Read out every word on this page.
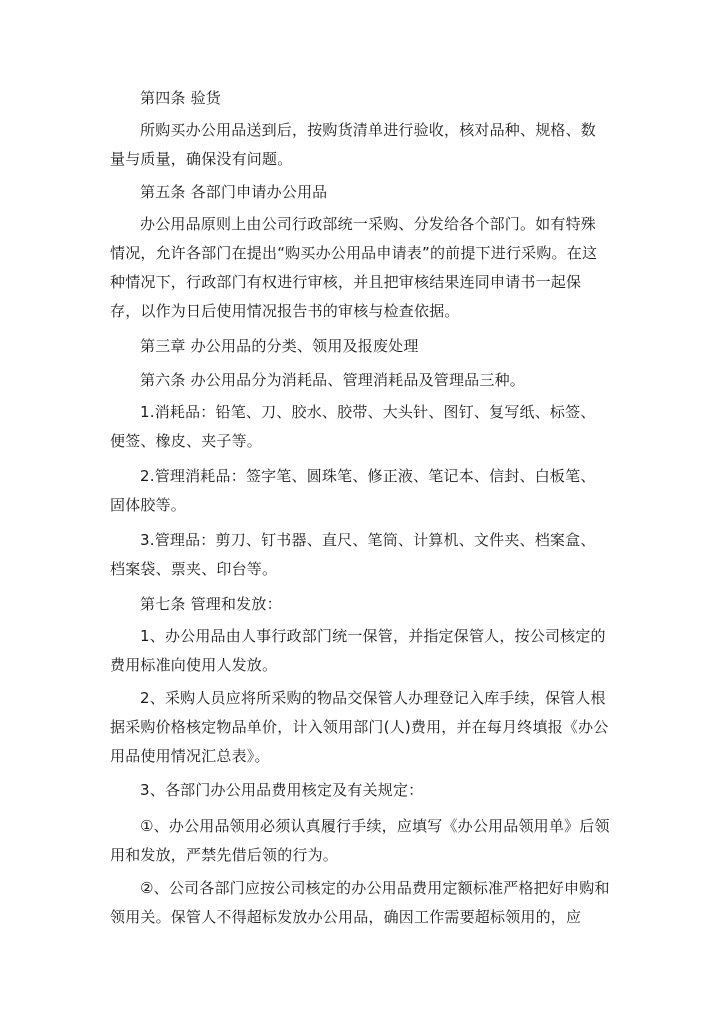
第四条 验货

所购买办公用品送到后，按购货清单进行验收，核对品种、规格、数量与质量，确保没有问题。

第五条 各部门申请办公用品

办公用品原则上由公司行政部统一采购、分发给各个部门。如有特殊情况，允许各部门在提出“购买办公用品申请表”的前提下进行采购。在这种情况下，行政部门有权进行审核，并且把审核结果连同申请书一起保存，以作为日后使用情况报告书的审核与检查依据。

第三章 办公用品的分类、领用及报废处理

第六条 办公用品分为消耗品、管理消耗品及管理品三种。

1.消耗品：铅笔、刀、胶水、胶带、大头针、图钉、复写纸、标签、便签、橡皮、夹子等。

2.管理消耗品：签字笔、圆珠笔、修正液、笔记本、信封、白板笔、固体胶等。

3.管理品：剪刀、钉书器、直尺、笔筒、计算机、文件夹、档案盒、档案袋、票夹、印台等。

第七条 管理和发放：

1、办公用品由人事行政部门统一保管，并指定保管人，按公司核定的费用标准向使用人发放。

2、采购人员应将所采购的物品交保管人办理登记入库手续，保管人根据采购价格核定物品单价，计入领用部门(人)费用，并在每月终填报《办公用品使用情况汇总表》。

3、各部门办公用品费用核定及有关规定：

①、办公用品领用必须认真履行手续，应填写《办公用品领用单》后领用和发放，严禁先借后领的行为。

②、公司各部门应按公司核定的办公用品费用定额标准严格把好申购和领用关。保管人不得超标发放办公用品，确因工作需要超标领用的，应
